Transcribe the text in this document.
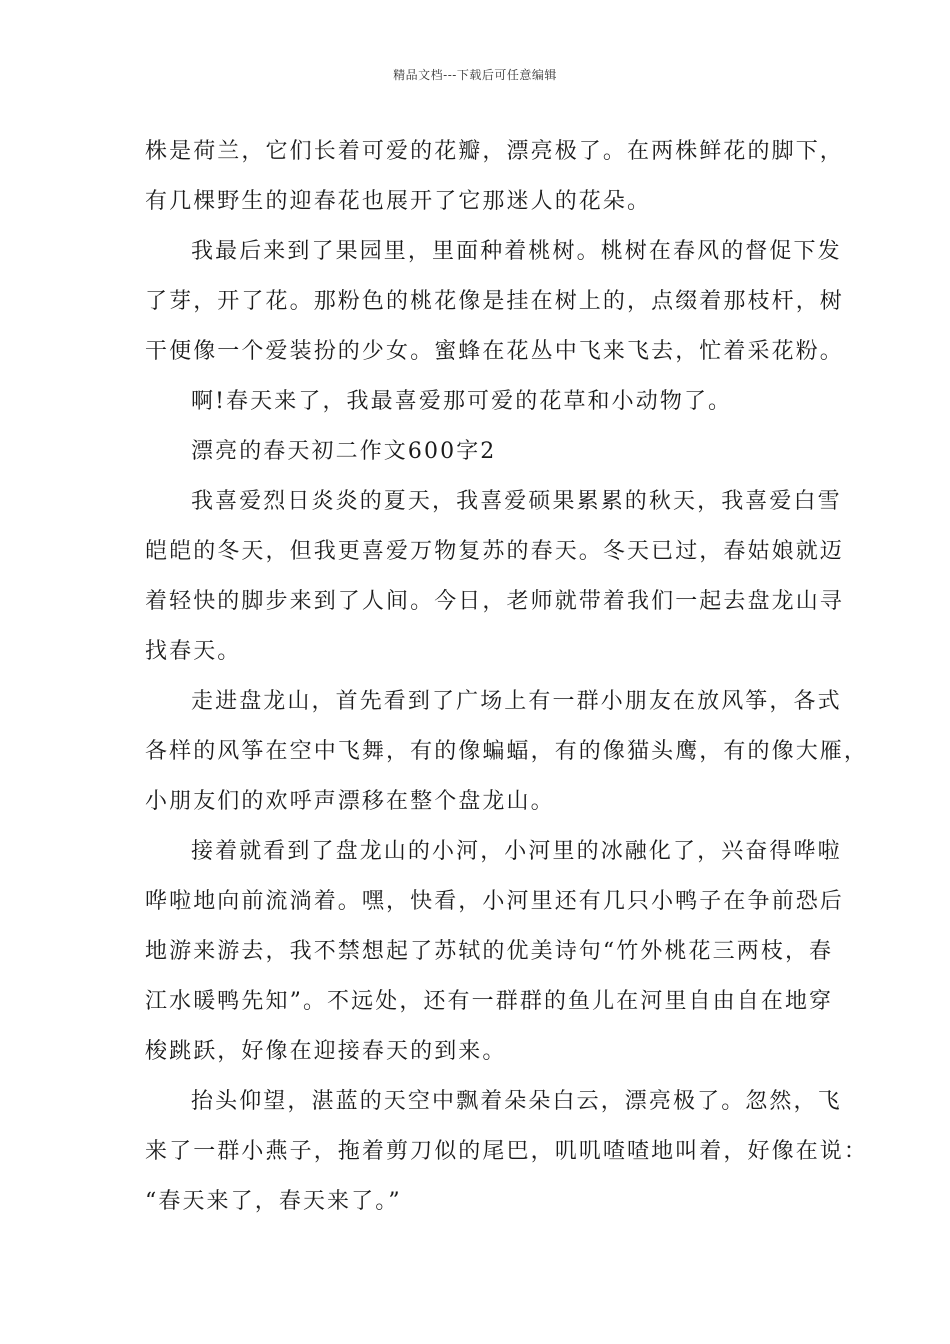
精品文档---下载后可任意编辑
株是荷兰，它们长着可爱的花瓣，漂亮极了。在两株鲜花的脚下，
有几棵野生的迎春花也展开了它那迷人的花朵。
我最后来到了果园里，里面种着桃树。桃树在春风的督促下发
了芽，开了花。那粉色的桃花像是挂在树上的，点缀着那枝杆，树
干便像一个爱装扮的少女。蜜蜂在花丛中飞来飞去，忙着采花粉。
啊!春天来了，我最喜爱那可爱的花草和小动物了。
漂亮的春天初二作文600字2
我喜爱烈日炎炎的夏天，我喜爱硕果累累的秋天，我喜爱白雪
皑皑的冬天，但我更喜爱万物复苏的春天。冬天已过，春姑娘就迈
着轻快的脚步来到了人间。今日，老师就带着我们一起去盘龙山寻
找春天。
走进盘龙山，首先看到了广场上有一群小朋友在放风筝，各式
各样的风筝在空中飞舞，有的像蝙蝠，有的像猫头鹰，有的像大雁，
小朋友们的欢呼声漂移在整个盘龙山。
接着就看到了盘龙山的小河，小河里的冰融化了，兴奋得哗啦
哗啦地向前流淌着。嘿，快看，小河里还有几只小鸭子在争前恐后
地游来游去，我不禁想起了苏轼的优美诗句“竹外桃花三两枝，春
江水暖鸭先知”。不远处，还有一群群的鱼儿在河里自由自在地穿
梭跳跃，好像在迎接春天的到来。
抬头仰望，湛蓝的天空中飘着朵朵白云，漂亮极了。忽然，飞
来了一群小燕子，拖着剪刀似的尾巴，叽叽喳喳地叫着，好像在说：
“春天来了，春天来了。”
